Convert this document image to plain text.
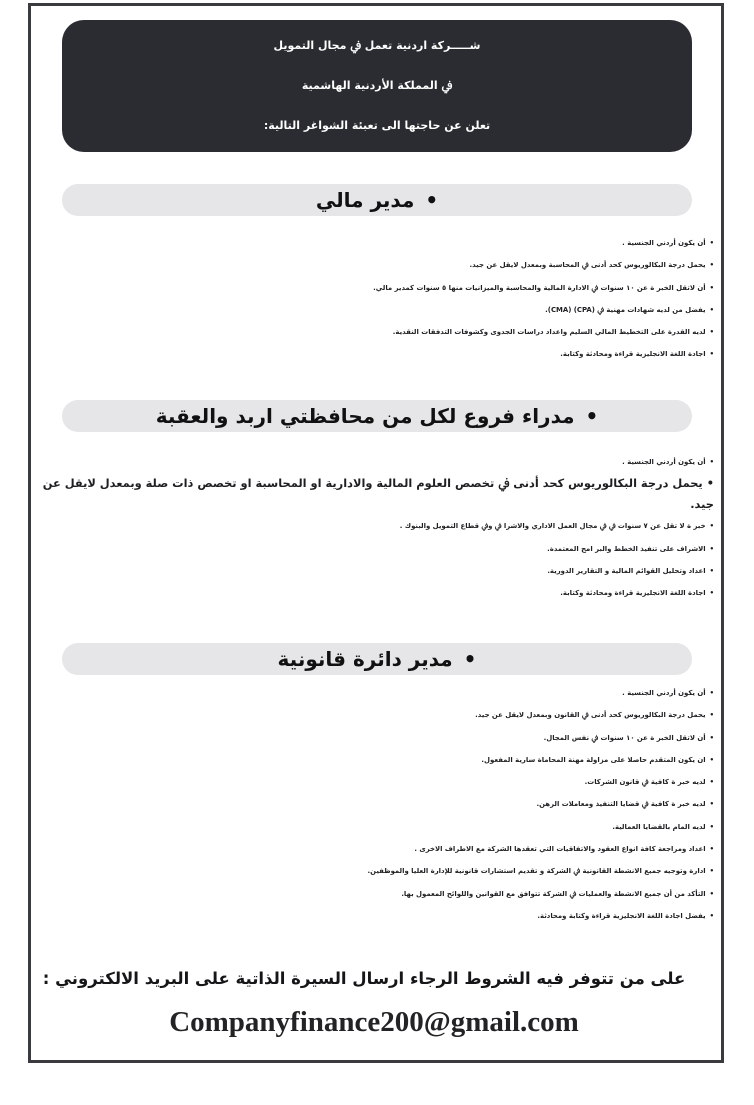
شـــــركة اردنية تعمل ﰲ مجال التمويل
ﰲ المملكة الأردنية الهاشمية
تعلن عن حاجتها الى تعبئة الشواغر التالية:
• مدير مالي
•أن يكون أردني الجنسية .
•يحمل درجة البكالوريوس كحد أدنى ﰲ المحاسبة وبمعدل لايقل عن جيد.
•أن لاتقل الخبر ة عن ١٠ سنوات ﰲ الادارة المالية والمحاسبة والميزانيات منها ٥ سنوات كمدير مالي.
•يفضل من لديه شهادات مهنية ﰲ (CPA) (CMA).
•لديه القدرة على التخطيط المالي السليم واعداد دراسات الجدوى وكشوفات التدفقات النقدية.
•اجادة اللغة الانجليزية قراءة ومحادثة وكتابة.
• مدراء فروع لكل من محافظتي اربد والعقبة
•أن يكون أردني الجنسية .
•يحمل درجة البكالوريوس كحد أدنى ﰲ تخصص العلوم المالية والادارية او المحاسبة او تخصص ذات صلة وبمعدل لايقل عن جيد.
•خبر ة لا تقل عن ٧ سنوات ﰲ ﰲ مجال العمل الاداري والاشرا ﰲ وﰲ قطاع التمويل والبنوك .
•الاشراف على تنفيذ الخطط والبر امج المعتمدة.
•اعداد وتحليل القوائم المالية و التقارير الدورية.
•اجادة اللغة الانجليزية قراءة ومحادثة وكتابة.
• مدير دائرة قانونية
•أن يكون أردني الجنسية .
•يحمل درجة البكالوريوس كحد أدنى ﰲ القانون وبمعدل لايقل عن جيد.
•أن لاتقل الخبر ة عن ١٠ سنوات ﰲ نفس المجال.
•ان يكون المتقدم حاصلا على مزاولة مهنة المحاماة سارية المفعول.
•لديه خبر ة كافية ﰲ قانون الشركات.
•لديه خبر ة كافية ﰲ قضايا التنفيذ ومعاملات الرهن.
•لديه المام بالقضايا العمالية.
•اعداد ومراجعة كافة انواع العقود والاتفاقيات التي تعقدها الشركة مع الاطراف الاخرى .
•ادارة وتوجيه جميع الانشطة القانونية ﰲ الشركة و تقديم استشارات قانونية للإدارة العليا والموظفين.
•التأكد من أن جميع الانشطة والعمليات ﰲ الشركة تتوافق مع القوانين واللوائح المعمول بها.
•يفضل اجادة اللغة الانجليزية قراءة وكتابة ومحادثة.
على من تتوفر فيه الشروط الرجاء ارسال السيرة الذاتية على البريد الالكتروني :
Companyfinance200@gmail.com
